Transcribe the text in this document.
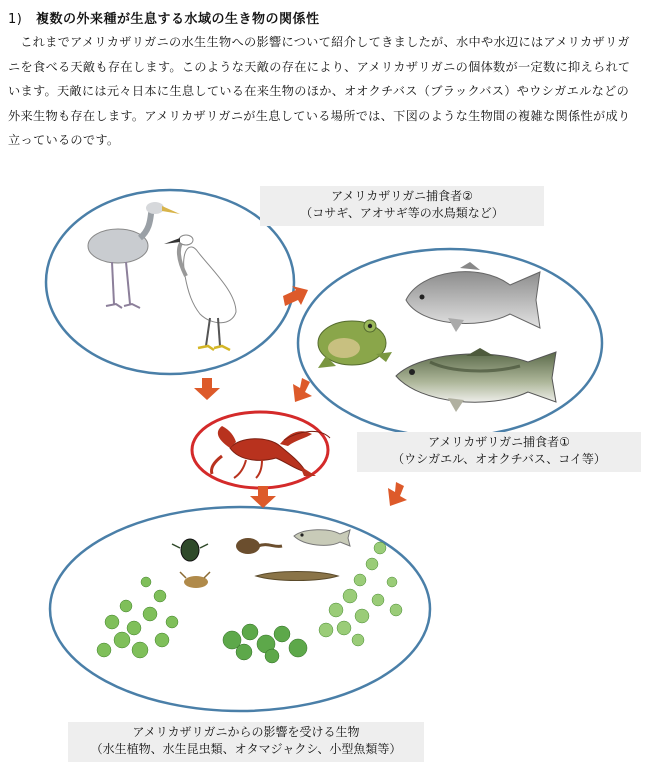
1) 複数の外来種が生息する水域の生き物の関係性
これまでアメリカザリガニの水生生物への影響について紹介してきましたが、水中や水辺にはアメリカザリガニを食べる天敵も存在します。このような天敵の存在により、アメリカザリガニの個体数が一定数に抑えられています。天敵には元々日本に生息している在来生物のほか、オオクチバス（ブラックバス）やウシガエルなどの外来生物も存在します。アメリカザリガニが生息している場所では、下図のような生物間の複雑な関係性が成り立っているのです。
アメリカザリガニ捕食者②
（コサギ、アオサギ等の水鳥類など）
アメリカザリガニ捕食者①
（ウシガエル、オオクチバス、コイ等）
アメリカザリガニからの影響を受ける生物
（水生植物、水生昆虫類、オタマジャクシ、小型魚類等）
